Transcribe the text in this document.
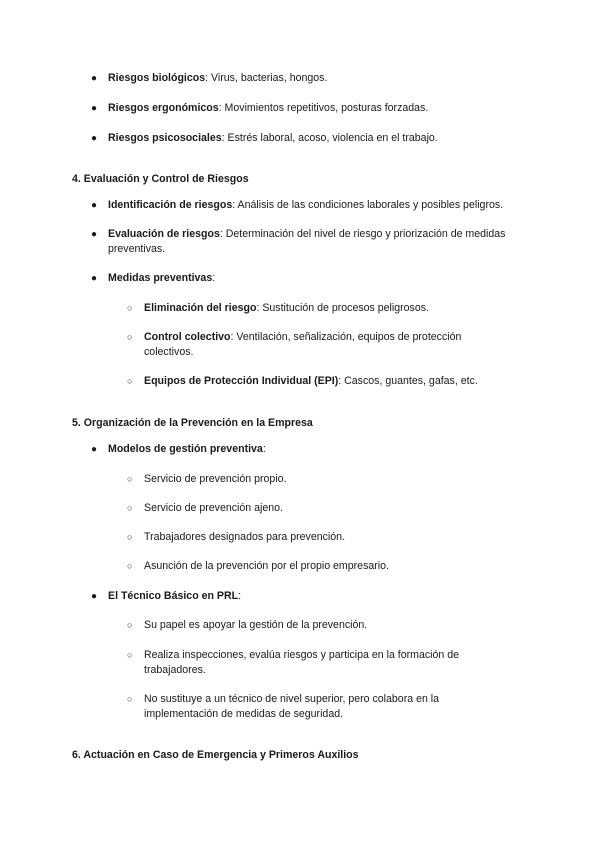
● Riesgos biológicos: Virus, bacterias, hongos.
● Riesgos ergonómicos: Movimientos repetitivos, posturas forzadas.
● Riesgos psicosociales: Estrés laboral, acoso, violencia en el trabajo.
4. Evaluación y Control de Riesgos
● Identificación de riesgos: Análisis de las condiciones laborales y posibles peligros.
● Evaluación de riesgos: Determinación del nivel de riesgo y priorización de medidas preventivas.
● Medidas preventivas:
○ Eliminación del riesgo: Sustitución de procesos peligrosos.
○ Control colectivo: Ventilación, señalización, equipos de protección colectivos.
○ Equipos de Protección Individual (EPI): Cascos, guantes, gafas, etc.
5. Organización de la Prevención en la Empresa
● Modelos de gestión preventiva:
○ Servicio de prevención propio.
○ Servicio de prevención ajeno.
○ Trabajadores designados para prevención.
○ Asunción de la prevención por el propio empresario.
● El Técnico Básico en PRL:
○ Su papel es apoyar la gestión de la prevención.
○ Realiza inspecciones, evalúa riesgos y participa en la formación de trabajadores.
○ No sustituye a un técnico de nivel superior, pero colabora en la implementación de medidas de seguridad.
6. Actuación en Caso de Emergencia y Primeros Auxilios
